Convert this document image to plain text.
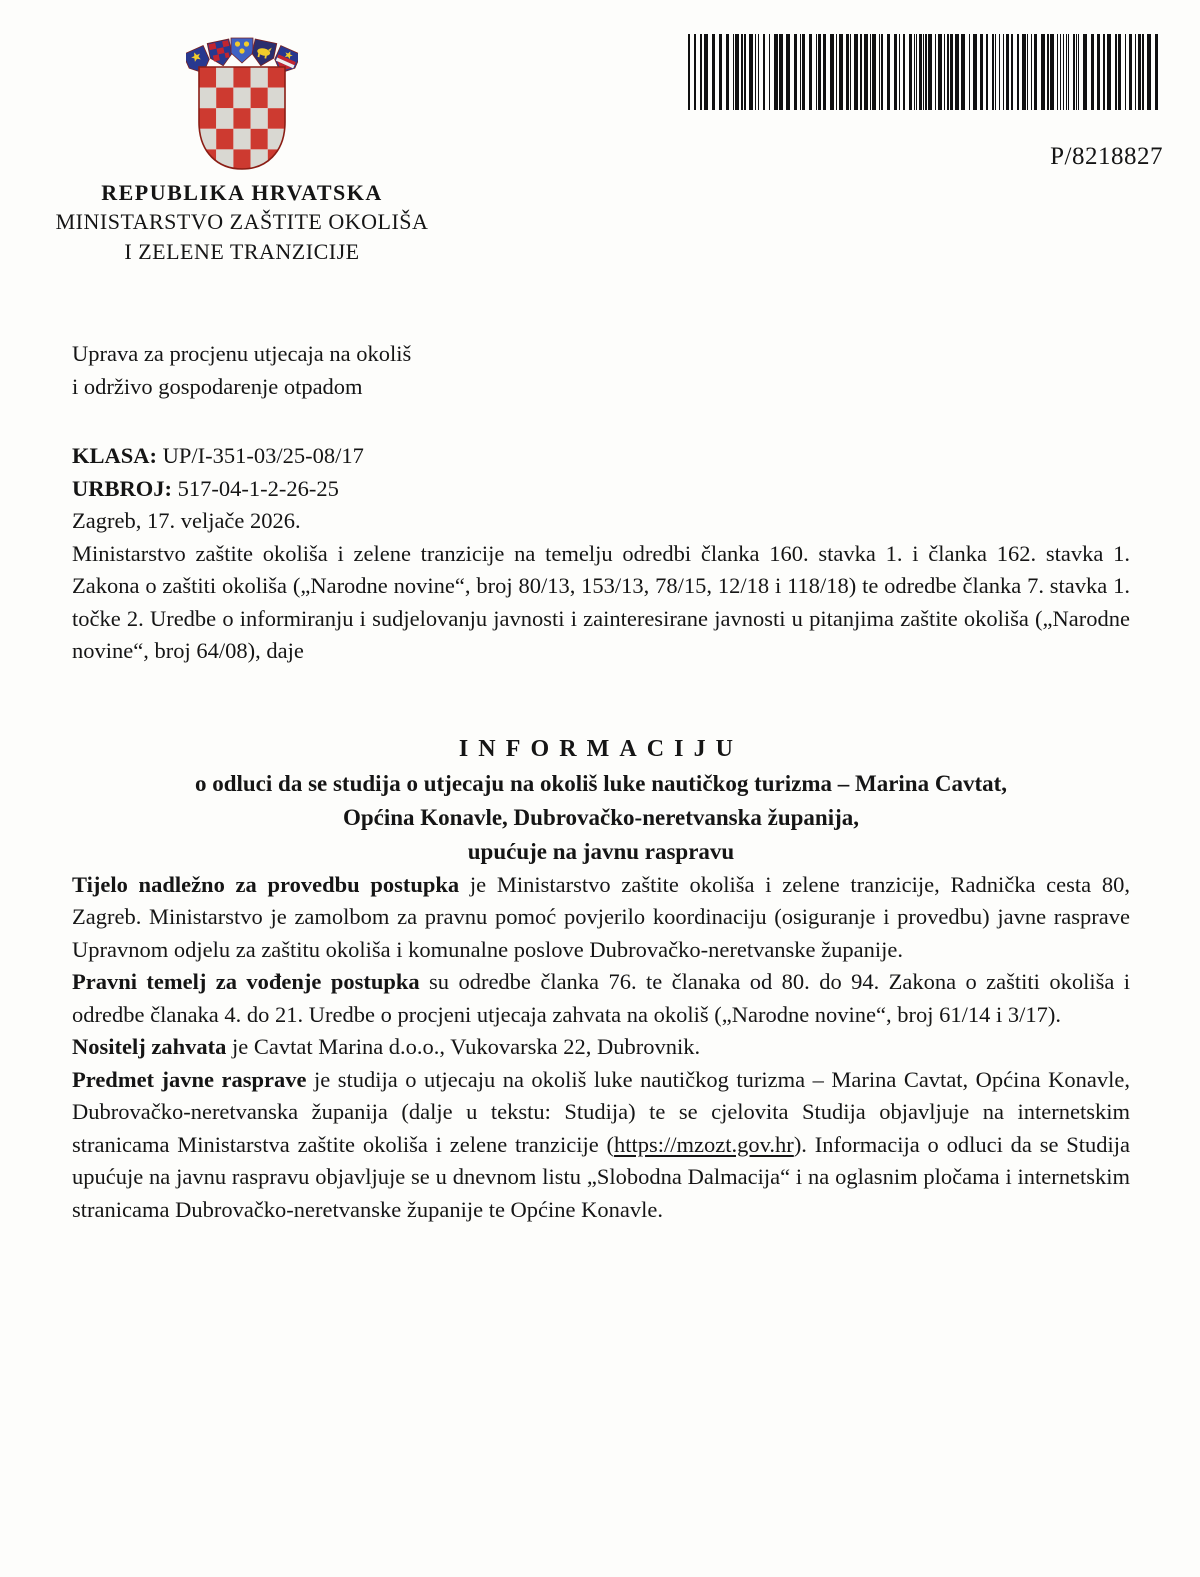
REPUBLIKA HRVATSKA
MINISTARSTVO ZAŠTITE OKOLIŠA
I ZELENE TRANZICIJE
P/8218827

Uprava za procjenu utjecaja na okoliš

i održivo gospodarenje otpadom

KLASA: UP/I-351-03/25-08/17

URBROJ: 517-04-1-2-26-25

Zagreb, 17. veljače 2026.

Ministarstvo zaštite okoliša i zelene tranzicije na temelju odredbi članka 160. stavka 1. i članka 162. stavka 1. Zakona o zaštiti okoliša („Narodne novine“, broj 80/13, 153/13, 78/15, 12/18 i 118/18) te odredbe članka 7. stavka 1. točke 2. Uredbe o informiranju i sudjelovanju javnosti i zainteresirane javnosti u pitanjima zaštite okoliša („Narodne novine“, broj 64/08), daje

INFORMACIJU
o odluci da se studija o utjecaju na okoliš luke nautičkog turizma – Marina Cavtat,
Općina Konavle, Dubrovačko-neretvanska županija,
upućuje na javnu raspravu

Tijelo nadležno za provedbu postupka je Ministarstvo zaštite okoliša i zelene tranzicije, Radnička cesta 80, Zagreb. Ministarstvo je zamolbom za pravnu pomoć povjerilo koordinaciju (osiguranje i provedbu) javne rasprave Upravnom odjelu za zaštitu okoliša i komunalne poslove Dubrovačko-neretvanske županije.

Pravni temelj za vođenje postupka su odredbe članka 76. te članaka od 80. do 94. Zakona o zaštiti okoliša i odredbe članaka 4. do 21. Uredbe o procjeni utjecaja zahvata na okoliš („Narodne novine“, broj 61/14 i 3/17).

Nositelj zahvata je Cavtat Marina d.o.o., Vukovarska 22, Dubrovnik.

Predmet javne rasprave je studija o utjecaju na okoliš luke nautičkog turizma – Marina Cavtat, Općina Konavle, Dubrovačko-neretvanska županija (dalje u tekstu: Studija) te se cjelovita Studija objavljuje na internetskim stranicama Ministarstva zaštite okoliša i zelene tranzicije (https://mzozt.gov.hr). Informacija o odluci da se Studija upućuje na javnu raspravu objavljuje se u dnevnom listu „Slobodna Dalmacija“ i na oglasnim pločama i internetskim stranicama Dubrovačko-neretvanske županije te Općine Konavle.
